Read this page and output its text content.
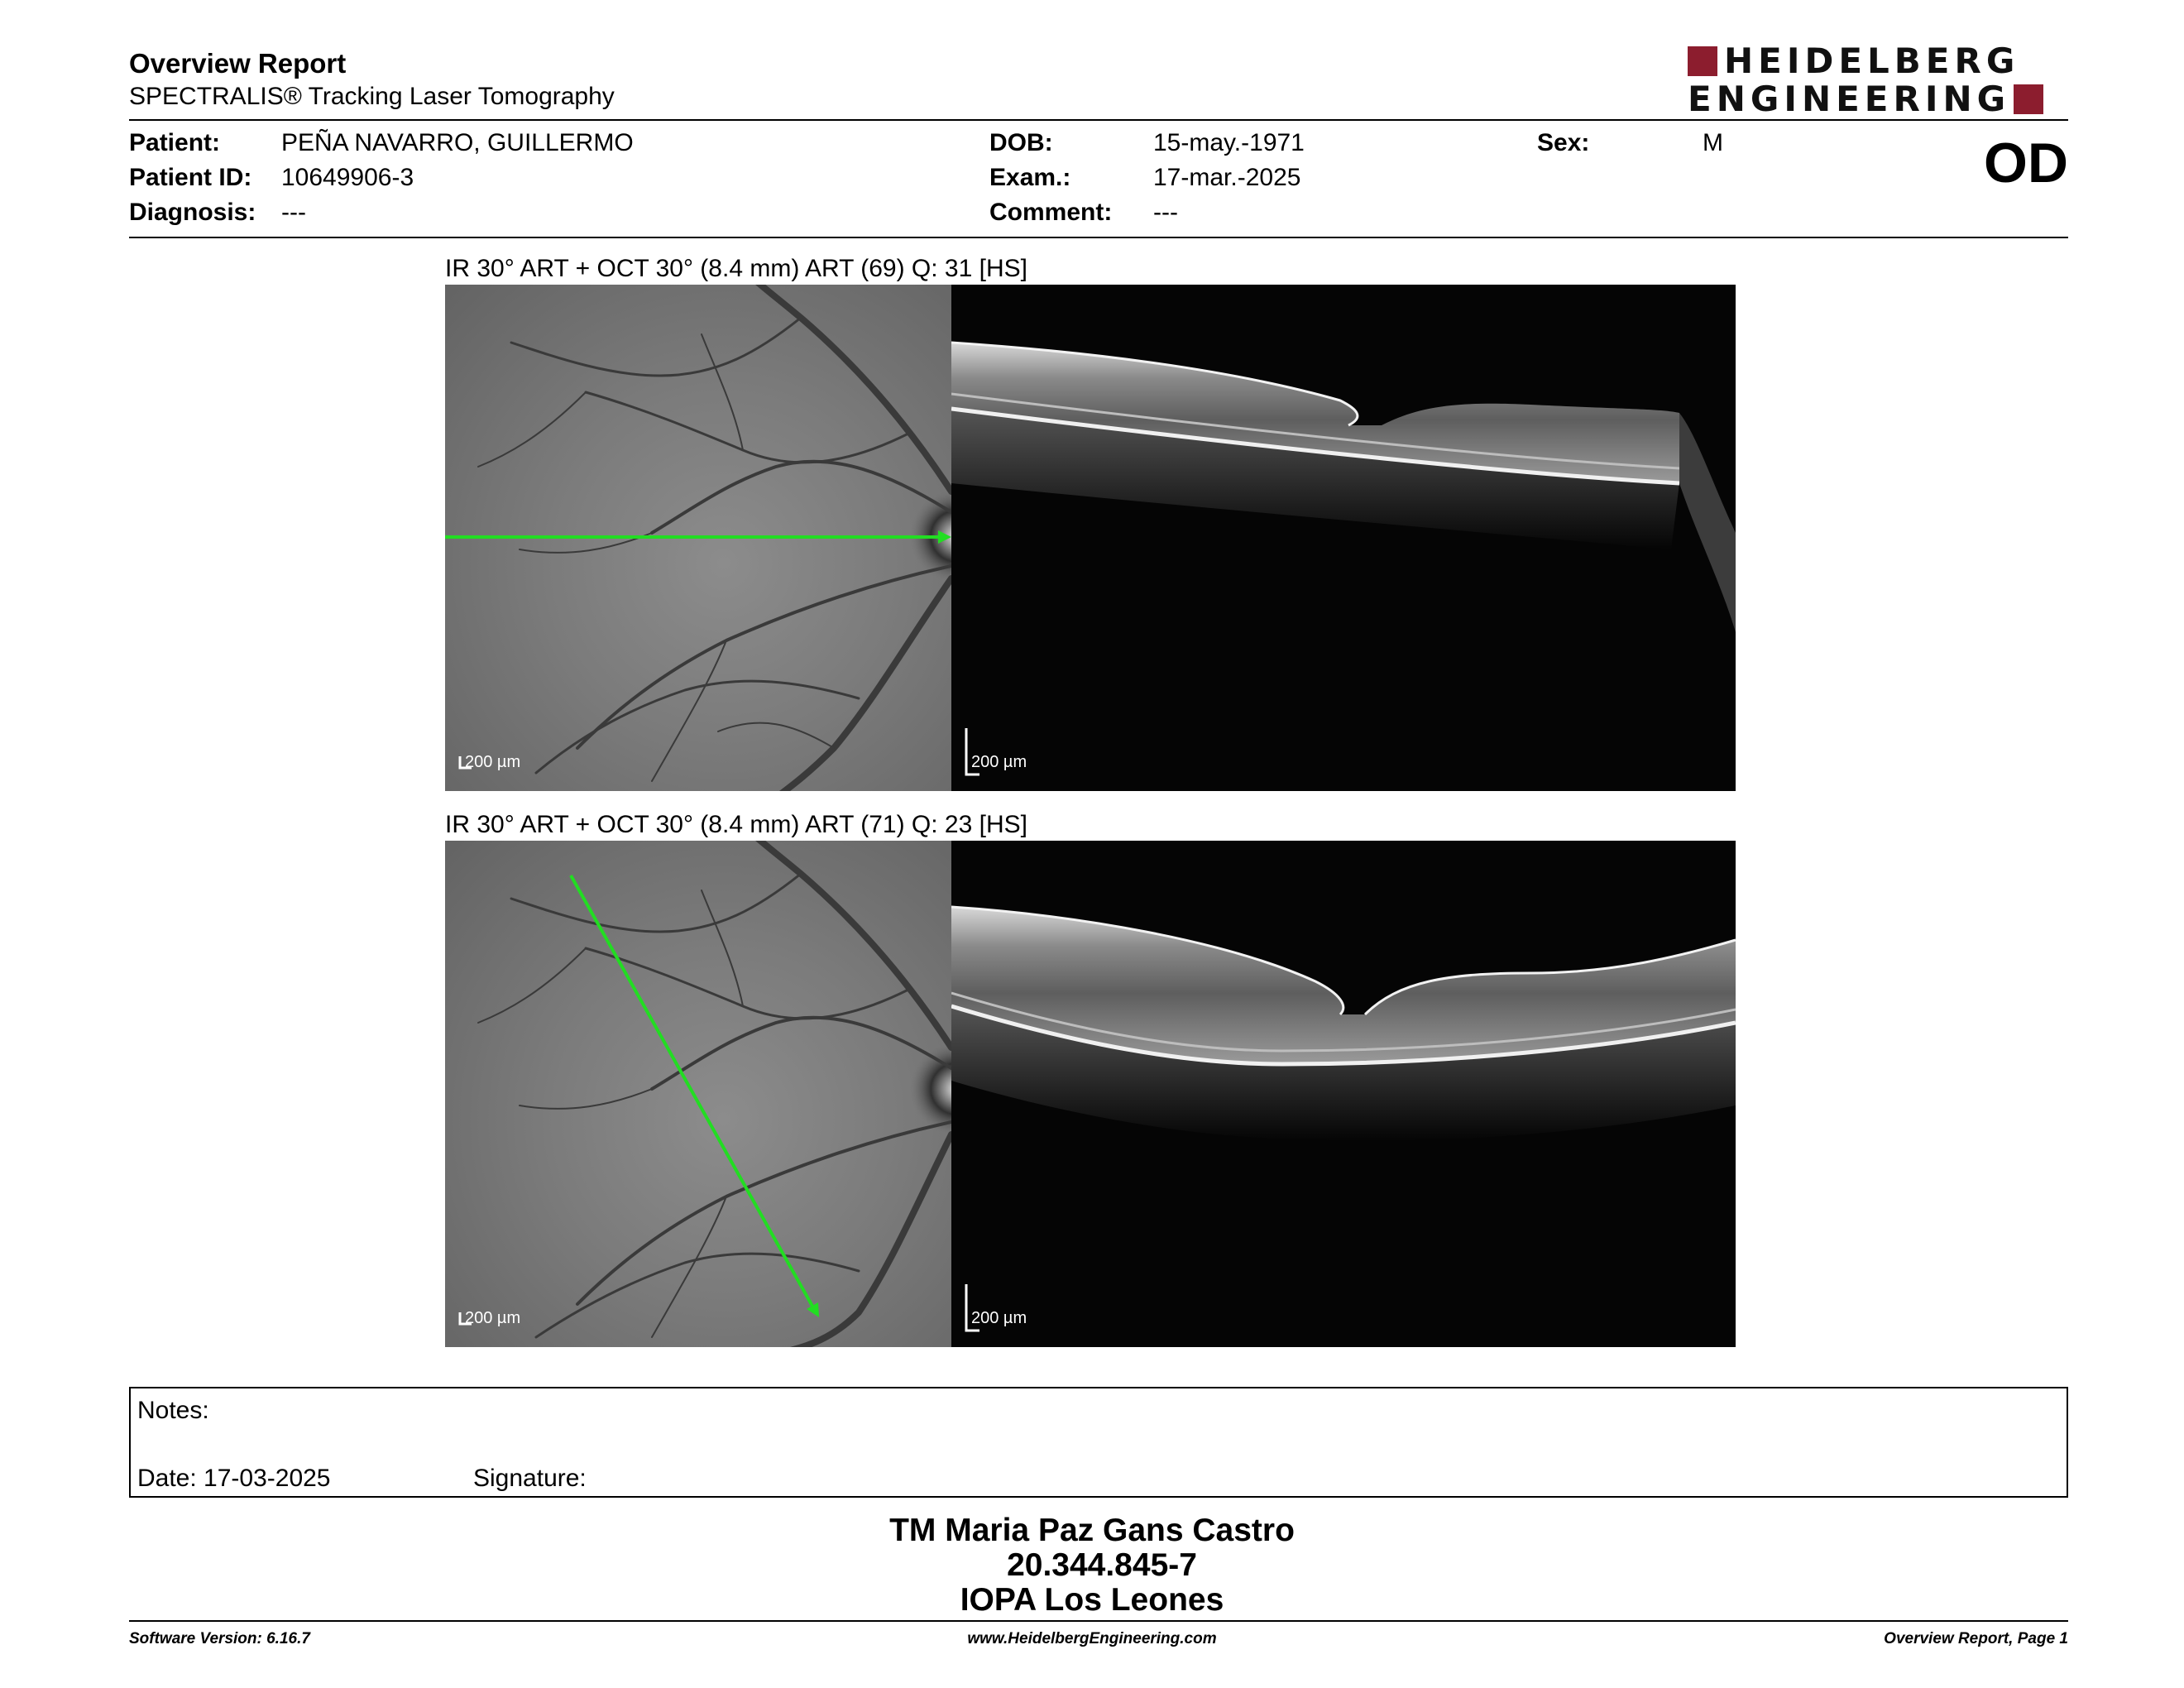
Overview Report
SPECTRALIS® Tracking Laser Tomography
HEIDELBERG
ENGINEERING
Patient: PEÑA NAVARRO, GUILLERMO
Patient ID: 10649906-3
Diagnosis: ---
DOB:	15-may.-1971
Exam.:	17-mar.-2025
Comment: ---
Sex:	M	OD
IR 30° ART + OCT 30° (8.4 mm) ART (69) Q: 31 [HS]
200 µm	200 µm
IR 30° ART + OCT 30° (8.4 mm) ART (71) Q: 23 [HS]
200 µm	200 µm
Notes:
Date: 17-03-2025	Signature:
TM Maria Paz Gans Castro
20.344.845-7
IOPA Los Leones
Software Version: 6.16.7	www.HeidelbergEngineering.com	Overview Report, Page 1
